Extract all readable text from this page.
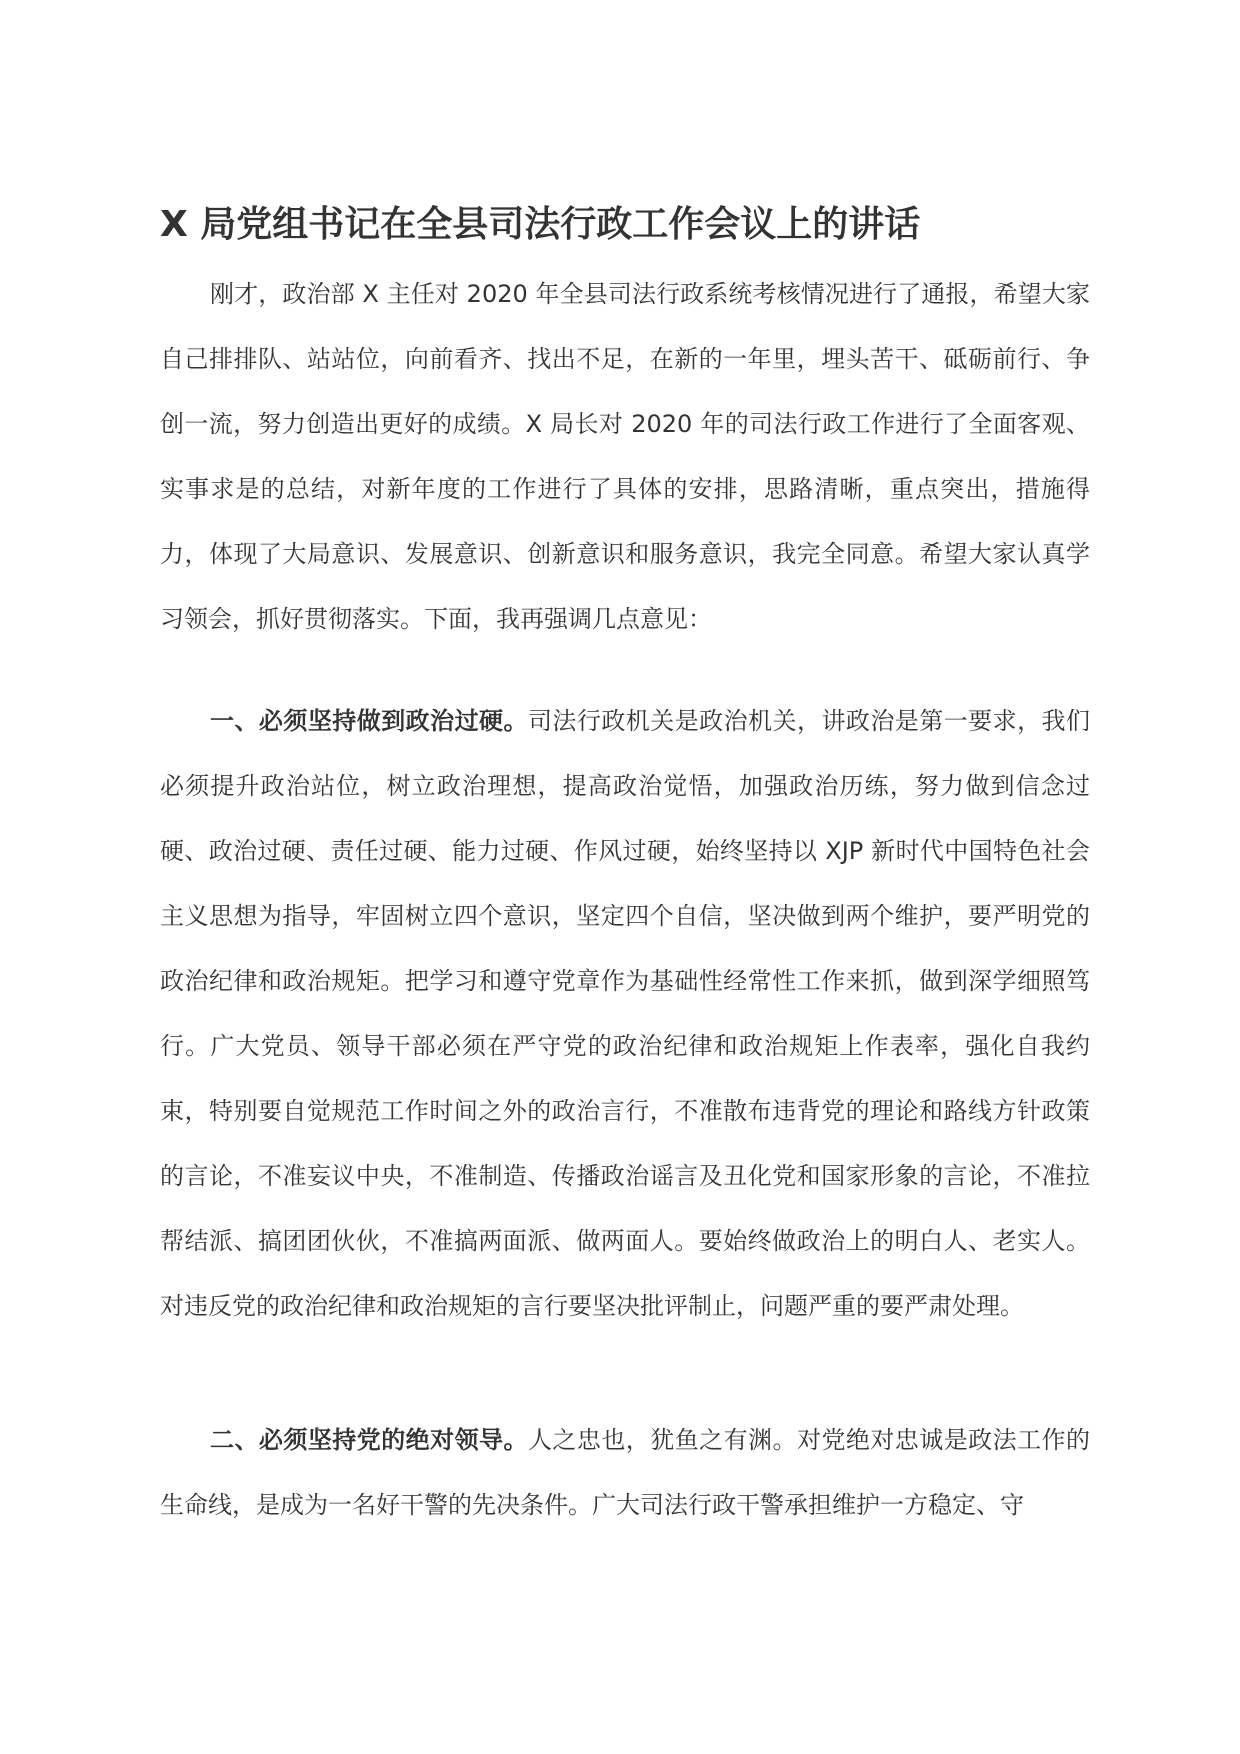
X 局党组书记在全县司法行政工作会议上的讲话

刚才，政治部 X 主任对 2020 年全县司法行政系统考核情况进行了通报，希望大家自己排排队、站站位，向前看齐、找出不足，在新的一年里，埋头苦干、砥砺前行、争创一流，努力创造出更好的成绩。X 局长对 2020 年的司法行政工作进行了全面客观、实事求是的总结，对新年度的工作进行了具体的安排，思路清晰，重点突出，措施得力，体现了大局意识、发展意识、创新意识和服务意识，我完全同意。希望大家认真学习领会，抓好贯彻落实。下面，我再强调几点意见：

一、必须坚持做到政治过硬。司法行政机关是政治机关，讲政治是第一要求，我们必须提升政治站位，树立政治理想，提高政治觉悟，加强政治历练，努力做到信念过硬、政治过硬、责任过硬、能力过硬、作风过硬，始终坚持以 XJP 新时代中国特色社会主义思想为指导，牢固树立四个意识，坚定四个自信，坚决做到两个维护，要严明党的政治纪律和政治规矩。把学习和遵守党章作为基础性经常性工作来抓，做到深学细照笃行。广大党员、领导干部必须在严守党的政治纪律和政治规矩上作表率，强化自我约束，特别要自觉规范工作时间之外的政治言行，不准散布违背党的理论和路线方针政策的言论，不准妄议中央，不准制造、传播政治谣言及丑化党和国家形象的言论，不准拉帮结派、搞团团伙伙，不准搞两面派、做两面人。要始终做政治上的明白人、老实人。对违反党的政治纪律和政治规矩的言行要坚决批评制止，问题严重的要严肃处理。

二、必须坚持党的绝对领导。人之忠也，犹鱼之有渊。对党绝对忠诚是政法工作的生命线，是成为一名好干警的先决条件。广大司法行政干警承担维护一方稳定、守
